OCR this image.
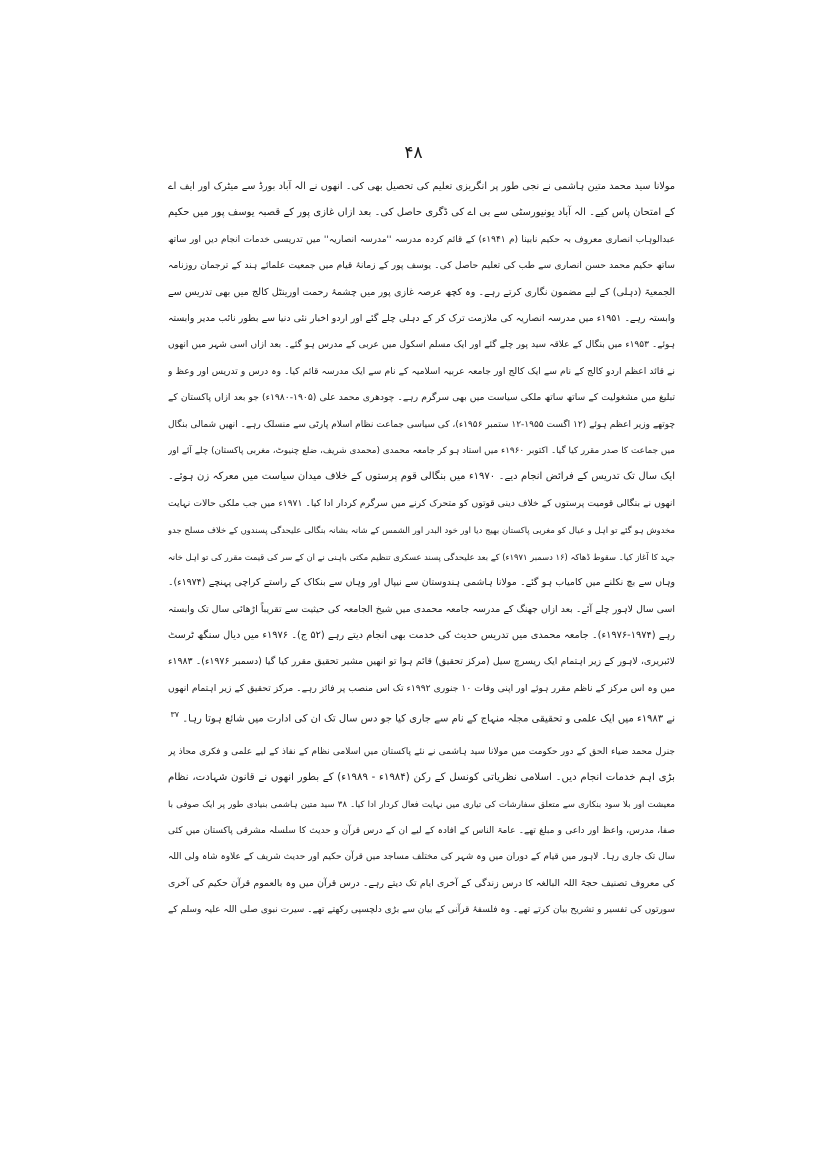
۴۸

مولانا سید محمد متین ہاشمی نے نجی طور پر انگریزی تعلیم کی تحصیل بھی کی۔ انھوں نے الہ آباد بورڈ سے میٹرک اور ایف اے
کے امتحان پاس کیے۔ الہ آباد یونیورسٹی سے بی اے کی ڈگری حاصل کی۔ بعد ازاں غازی پور کے قصبہ یوسف پور میں حکیم
عبدالوہاب انصاری معروف بہ حکیم نابینا (م ۱۹۴۱ء) کے قائم کردہ مدرسہ ''مدرسہ انصاریہ'' میں تدریسی خدمات انجام دیں اور ساتھ
ساتھ حکیم محمد حسن انصاری سے طب کی تعلیم حاصل کی۔ یوسف پور کے زمانۂ قیام میں جمعیت علمائے ہند کے ترجمان روزنامہ
الجمعیۃ (دہلی) کے لیے مضمون نگاری کرتے رہے۔ وہ کچھ عرصہ غازی پور میں چشمۂ رحمت اورینٹل کالج میں بھی تدریس سے
وابستہ رہے۔ ۱۹۵۱ء میں مدرسہ انصاریہ کی ملازمت ترک کر کے دہلی چلے گئے اور اردو اخبار نئی دنیا سے بطور نائب مدیر وابستہ
ہوئے۔ ۱۹۵۳ء میں بنگال کے علاقہ سید پور چلے گئے اور ایک مسلم اسکول میں عربی کے مدرس ہو گئے۔ بعد ازاں اسی شہر میں انھوں
نے قائد اعظم اردو کالج کے نام سے ایک کالج اور جامعہ عربیہ اسلامیہ کے نام سے ایک مدرسہ قائم کیا۔ وہ درس و تدریس اور وعظ و
تبلیغ میں مشغولیت کے ساتھ ساتھ ملکی سیاست میں بھی سرگرم رہے۔ چودھری محمد علی (۱۹۰۵-۱۹۸۰ء) جو بعد ازاں پاکستان کے
چوتھے وزیر اعظم ہوئے (۱۲ اگست ۱۹۵۵-۱۲ ستمبر ۱۹۵۶ء)، کی سیاسی جماعت نظام اسلام پارٹی سے منسلک رہے۔ انھیں شمالی بنگال
میں جماعت کا صدر مقرر کیا گیا۔ اکتوبر ۱۹۶۰ء میں استاد ہو کر جامعہ محمدی (محمدی شریف، ضلع چنیوٹ، مغربی پاکستان) چلے آئے اور
ایک سال تک تدریس کے فرائض انجام دیے۔ ۱۹۷۰ء میں بنگالی قوم پرستوں کے خلاف میدان سیاست میں معرکہ زن ہوئے۔
انھوں نے بنگالی قومیت پرستوں کے خلاف دینی قوتوں کو متحرک کرنے میں سرگرم کردار ادا کیا۔ ۱۹۷۱ء میں جب ملکی حالات نہایت
مخدوش ہو گئے تو اہل و عیال کو مغربی پاکستان بھیج دیا اور خود البدر اور الشمس کے شانہ بشانہ بنگالی علیحدگی پسندوں کے خلاف مسلح جدو
جہد کا آغاز کیا۔ سقوط ڈھاکہ (۱۶ دسمبر ۱۹۷۱ء) کے بعد علیحدگی پسند عسکری تنظیم مکتی باہنی نے ان کے سر کی قیمت مقرر کی تو اہل خانہ
وہاں سے بچ نکلنے میں کامیاب ہو گئے۔ مولانا ہاشمی ہندوستان سے نیپال اور وہاں سے بنکاک کے راستے کراچی پہنچے (۱۹۷۴ء)۔
اسی سال لاہور چلے آئے۔ بعد ازاں جھنگ کے مدرسہ جامعہ محمدی میں شیخ الجامعہ کی حیثیت سے تقریباً اڑھائی سال تک وابستہ
رہے (۱۹۷۴-۱۹۷۶ء)۔ جامعہ محمدی میں تدریس حدیث کی خدمت بھی انجام دیتے رہے (۵۲ ج)۔ ۱۹۷۶ء میں دیال سنگھ ٹرسٹ
لائبریری، لاہور کے زیر اہتمام ایک ریسرچ سیل (مرکز تحقیق) قائم ہوا تو انھیں مشیر تحقیق مقرر کیا گیا (دسمبر ۱۹۷۶ء)۔ ۱۹۸۳ء
میں وہ اس مرکز کے ناظم مقرر ہوئے اور اپنی وفات ۱۰ جنوری ۱۹۹۲ء تک اس منصب پر فائز رہے۔ مرکز تحقیق کے زیر اہتمام انھوں
نے ۱۹۸۳ء میں ایک علمی و تحقیقی مجلہ منہاج کے نام سے جاری کیا جو دس سال تک ان کی ادارت میں شائع ہوتا رہا۔ $^{۳۷}$

جنرل محمد ضیاء الحق کے دور حکومت میں مولانا سید ہاشمی نے نئے پاکستان میں اسلامی نظام کے نفاذ کے لیے علمی و فکری محاذ پر
بڑی اہم خدمات انجام دیں۔ اسلامی نظریاتی کونسل کے رکن (۱۹۸۴ء - ۱۹۸۹ء) کے بطور انھوں نے قانون شہادت، نظام
معیشت اور بلا سود بنکاری سے متعلق سفارشات کی تیاری میں نہایت فعال کردار ادا کیا۔ ۳۸ سید متین ہاشمی بنیادی طور پر ایک صوفی با
صفا، مدرس، واعظ اور داعی و مبلغ تھے۔ عامۃ الناس کے افادہ کے لیے ان کے درس قرآن و حدیث کا سلسلہ مشرقی پاکستان میں کئی
سال تک جاری رہا۔ لاہور میں قیام کے دوران میں وہ شہر کی مختلف مساجد میں قرآن حکیم اور حدیث شریف کے علاوہ شاہ ولی اللہ
کی معروف تصنیف حجۃ اللہ البالغہ کا درس زندگی کے آخری ایام تک دیتے رہے۔ درس قرآن میں وہ بالعموم قرآن حکیم کی آخری
سورتوں کی تفسیر و تشریح بیان کرتے تھے۔ وہ فلسفۂ قرآنی کے بیان سے بڑی دلچسپی رکھتے تھے۔ سیرت نبوی صلی اللہ علیہ وسلم کے
